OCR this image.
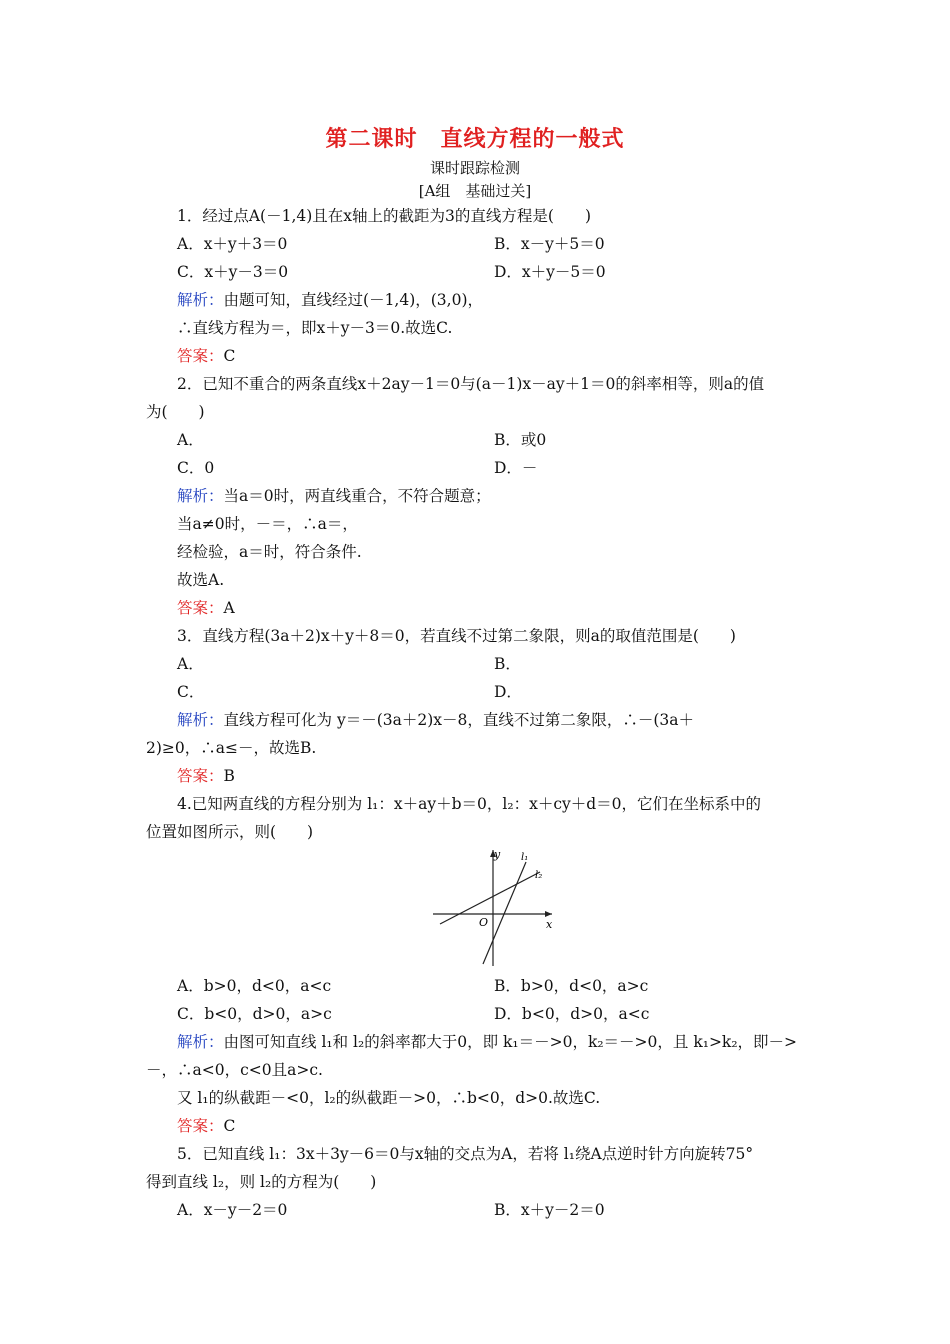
第二课时　直线方程的一般式
课时跟踪检测
[A组　基础过关]
1．经过点A(－1,4)且在x轴上的截距为3的直线方程是(　　)
A．x＋y＋3＝0	B．x－y＋5＝0
C．x＋y－3＝0	D．x＋y－5＝0
解析：由题可知，直线经过(－1,4)，(3,0)，
∴直线方程为＝，即x＋y－3＝0.故选C.
答案：C
2．已知不重合的两条直线x＋2ay－1＝0与(a－1)x－ay＋1＝0的斜率相等，则a的值
为(　　)
A．	B．或0
C．0	D．－
解析：当a＝0时，两直线重合，不符合题意；
当a≠0时，－＝，∴a＝，
经检验，a＝时，符合条件.
故选A.
答案：A
3．直线方程(3a＋2)x＋y＋8＝0，若直线不过第二象限，则a的取值范围是(　　)
A．	B．
C．	D．
解析：直线方程可化为 y＝－(3a＋2)x－8，直线不过第二象限，∴－(3a＋
2)≥0，∴a≤－，故选B.
答案：B
4.已知两直线的方程分别为 l₁：x＋ay＋b＝0，l₂：x＋cy＋d＝0，它们在坐标系中的
位置如图所示，则(　　)
y
x
O
l₁
l₂
A．b>0，d<0，a<c	B．b>0，d<0，a>c
C．b<0，d>0，a>c	D．b<0，d>0，a<c
解析：由图可知直线 l₁和 l₂的斜率都大于0，即 k₁＝－>0，k₂＝－>0，且 k₁>k₂，即－>
－，∴a<0，c<0且a>c.
又 l₁的纵截距－<0，l₂的纵截距－>0，∴b<0，d>0.故选C.
答案：C
5．已知直线 l₁：3x＋3y－6＝0与x轴的交点为A，若将 l₁绕A点逆时针方向旋转75°
得到直线 l₂，则 l₂的方程为(　　)
A．x－y－2＝0	B．x＋y－2＝0
